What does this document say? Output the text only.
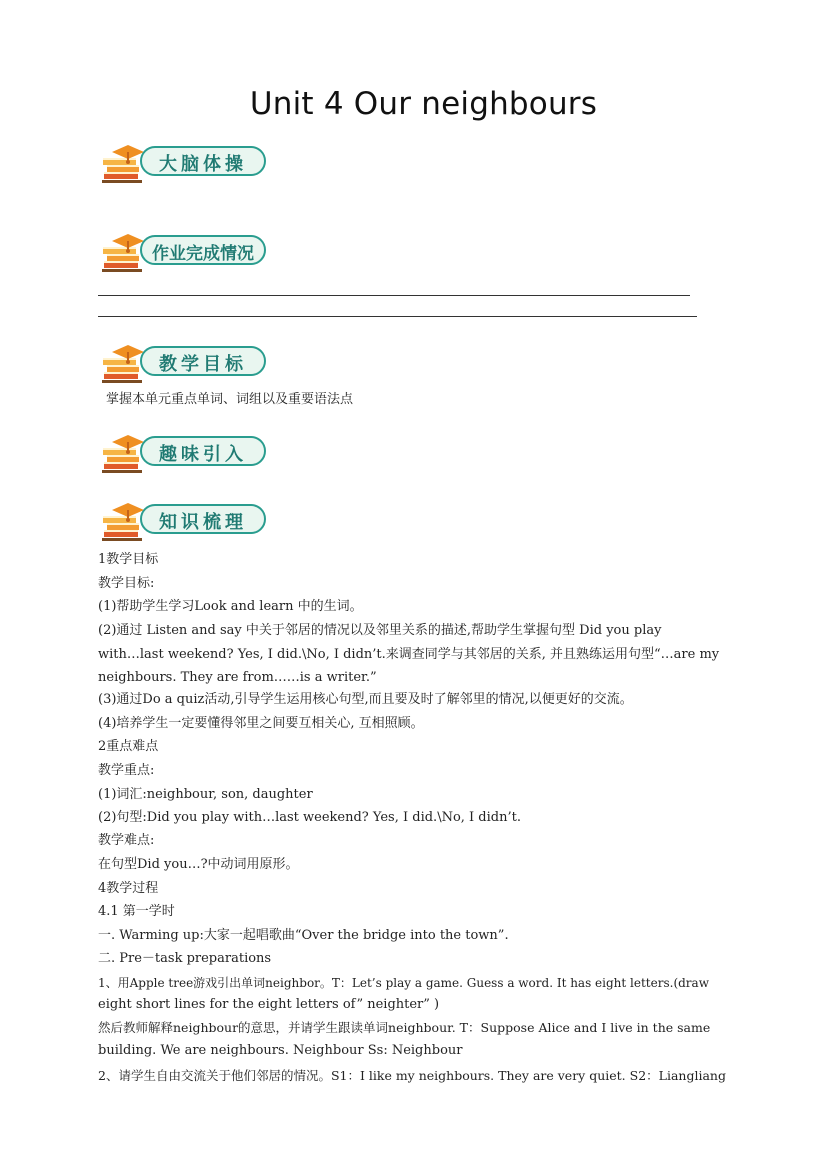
Unit 4 Our neighbours
大脑体操
作业完成情况
教学目标
掌握本单元重点单词、词组以及重要语法点
趣味引入
知识梳理
1教学目标
教学目标:
(1)帮助学生学习Look and learn 中的生词。
(2)通过 Listen and say 中关于邻居的情况以及邻里关系的描述,帮助学生掌握句型 Did you play
with…last weekend? Yes, I did.\No, I didn’t.来调查同学与其邻居的关系, 并且熟练运用句型“…are my
neighbours. They are from……is a writer.”
(3)通过Do a quiz活动,引导学生运用核心句型,而且要及时了解邻里的情况,以便更好的交流。
(4)培养学生一定要懂得邻里之间要互相关心, 互相照顾。
2重点难点
教学重点:
(1)词汇:neighbour, son, daughter
(2)句型:Did you play with…last weekend? Yes, I did.\No, I didn’t.
教学难点:
在句型Did you…?中动词用原形。
4教学过程
4.1 第一学时
一. Warming up:大家一起唱歌曲“Over the bridge into the town”.
二. Pre－task preparations
1、用Apple tree游戏引出单词neighbor。T：Let’s play a game. Guess a word. It has eight letters.(draw
eight short lines for the eight letters of” neighter” )
然后教师解释neighbour的意思，并请学生跟读单词neighbour. T：Suppose Alice and I live in the same
building. We are neighbours. Neighbour Ss: Neighbour
2、请学生自由交流关于他们邻居的情况。S1：I like my neighbours. They are very quiet. S2：Liangliang
